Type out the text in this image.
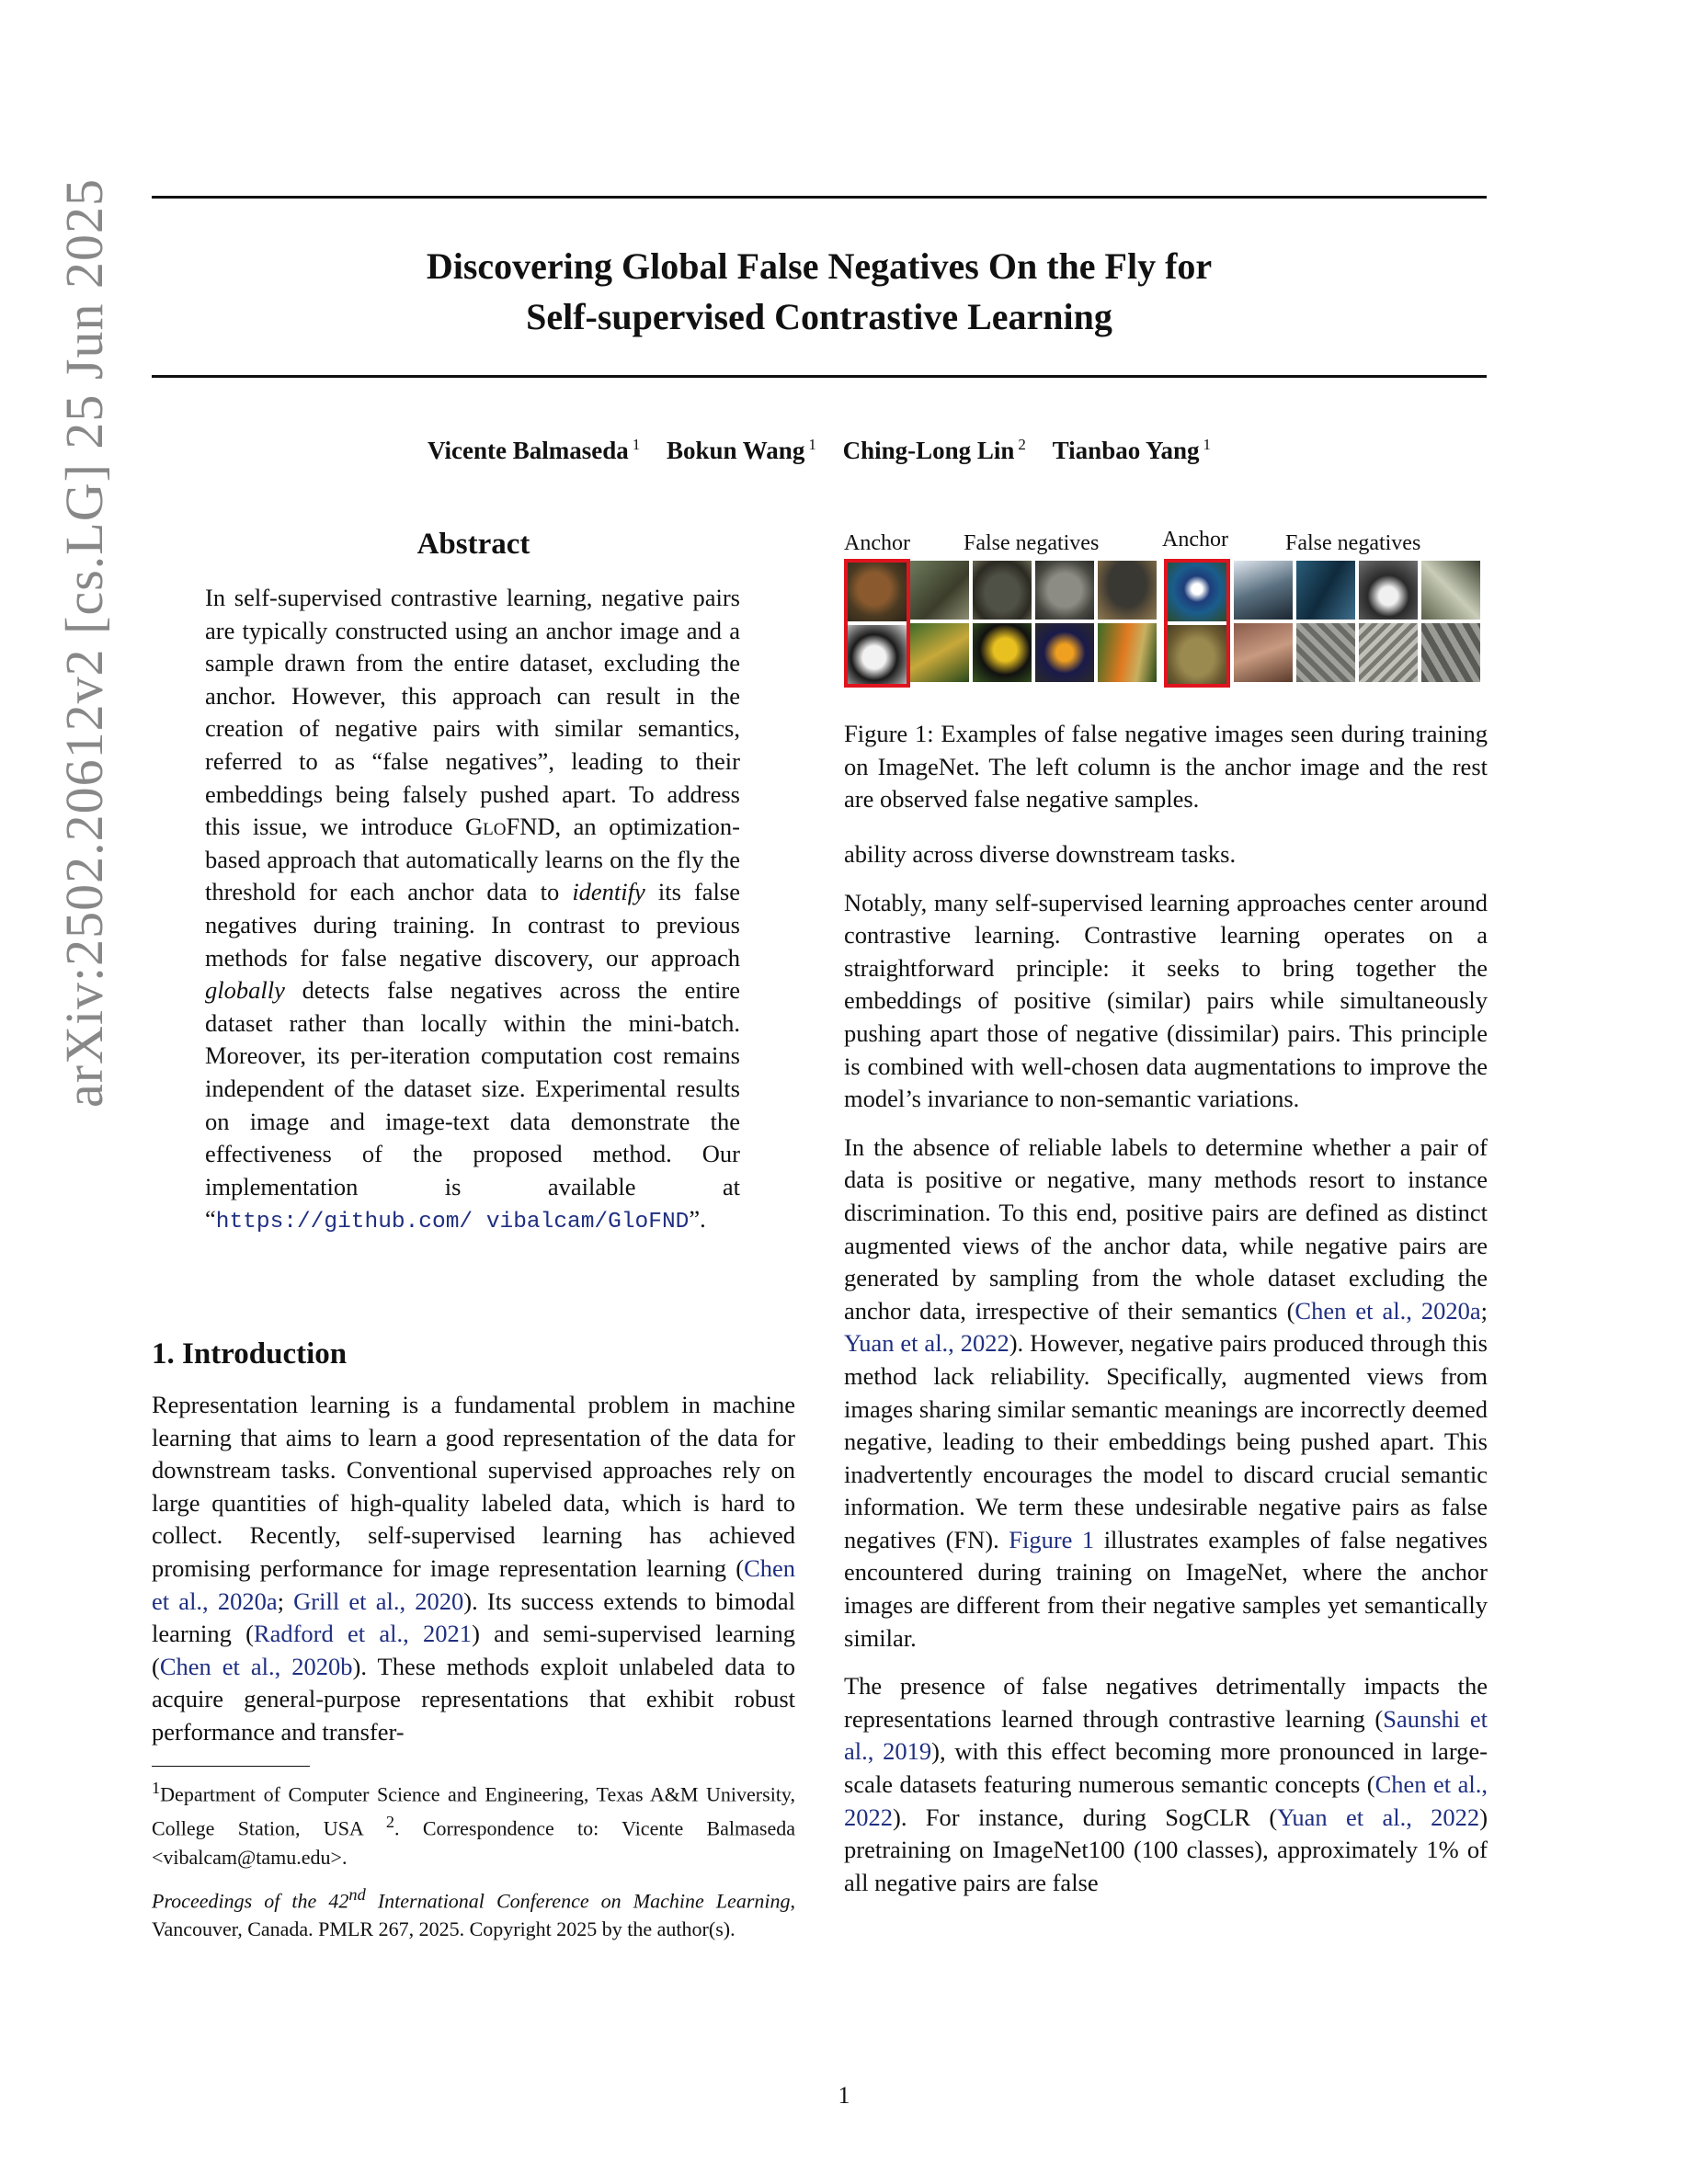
Discovering Global False Negatives On the Fly for
Self-supervised Contrastive Learning
Vicente Balmaseda $^1$ Bokun Wang $^1$ Ching-Long Lin $^2$ Tianbao Yang $^1$
arXiv:2502.20612v2 [cs.LG] 25 Jun 2025	Abstract

In self-supervised contrastive learning, negative pairs are typically constructed using an anchor image and a sample drawn from the entire dataset, excluding the anchor. However, this approach can result in the creation of negative pairs with similar semantics, referred to as “false negatives”, leading to their embeddings being falsely pushed apart. To address this issue, we introduce GloFND, an optimization-based approach that automatically learns on the fly the threshold for each anchor data to identify its false negatives during training. In contrast to previous methods for false negative discovery, our approach globally detects false negatives across the entire dataset rather than locally within the mini-batch. Moreover, its per-iteration computation cost remains independent of the dataset size. Experimental results on image and image-text data demonstrate the effectiveness of the proposed method. Our implementation is available at “https://github.com/ vibalcam/GloFND”.

1. Introduction

Representation learning is a fundamental problem in machine learning that aims to learn a good representation of the data for downstream tasks. Conventional supervised approaches rely on large quantities of high-quality labeled data, which is hard to collect. Recently, self-supervised learning has achieved promising performance for image representation learning (Chen et al., 2020a; Grill et al., 2020). Its success extends to bimodal learning (Radford et al., 2021) and semi-supervised learning (Chen et al., 2020b). These methods exploit unlabeled data to acquire general-purpose representations that exhibit robust performance and transfer-

$^1$Department of Computer Science and Engineering, Texas A&M University, College Station, USA $^2$. Correspondence to: Vicente Balmaseda <vibalcam@tamu.edu>.
Proceedings of the 42nd International Conference on Machine Learning, Vancouver, Canada. PMLR 267, 2025. Copyright 2025 by the author(s).
Anchor False negatives	Anchor	False negatives
Figure 1: Examples of false negative images seen during training on ImageNet. The left column is the anchor image and the rest are observed false negative samples.

ability across diverse downstream tasks.

Notably, many self-supervised learning approaches center around contrastive learning. Contrastive learning operates on a straightforward principle: it seeks to bring together the embeddings of positive (similar) pairs while simultaneously pushing apart those of negative (dissimilar) pairs. This principle is combined with well-chosen data augmentations to improve the model’s invariance to non-semantic variations.

In the absence of reliable labels to determine whether a pair of data is positive or negative, many methods resort to instance discrimination. To this end, positive pairs are defined as distinct augmented views of the anchor data, while negative pairs are generated by sampling from the whole dataset excluding the anchor data, irrespective of their semantics (Chen et al., 2020a; Yuan et al., 2022). However, negative pairs produced through this method lack reliability. Specifically, augmented views from images sharing similar semantic meanings are incorrectly deemed negative, leading to their embeddings being pushed apart. This inadvertently encourages the model to discard crucial semantic information. We term these undesirable negative pairs as false negatives (FN). Figure 1 illustrates examples of false negatives encountered during training on ImageNet, where the anchor images are different from their negative samples yet semantically similar.

The presence of false negatives detrimentally impacts the representations learned through contrastive learning (Saunshi et al., 2019), with this effect becoming more pronounced in large-scale datasets featuring numerous semantic concepts (Chen et al., 2022). For instance, during SogCLR (Yuan et al., 2022) pretraining on ImageNet100 (100 classes), approximately 1% of all negative pairs are false

1
